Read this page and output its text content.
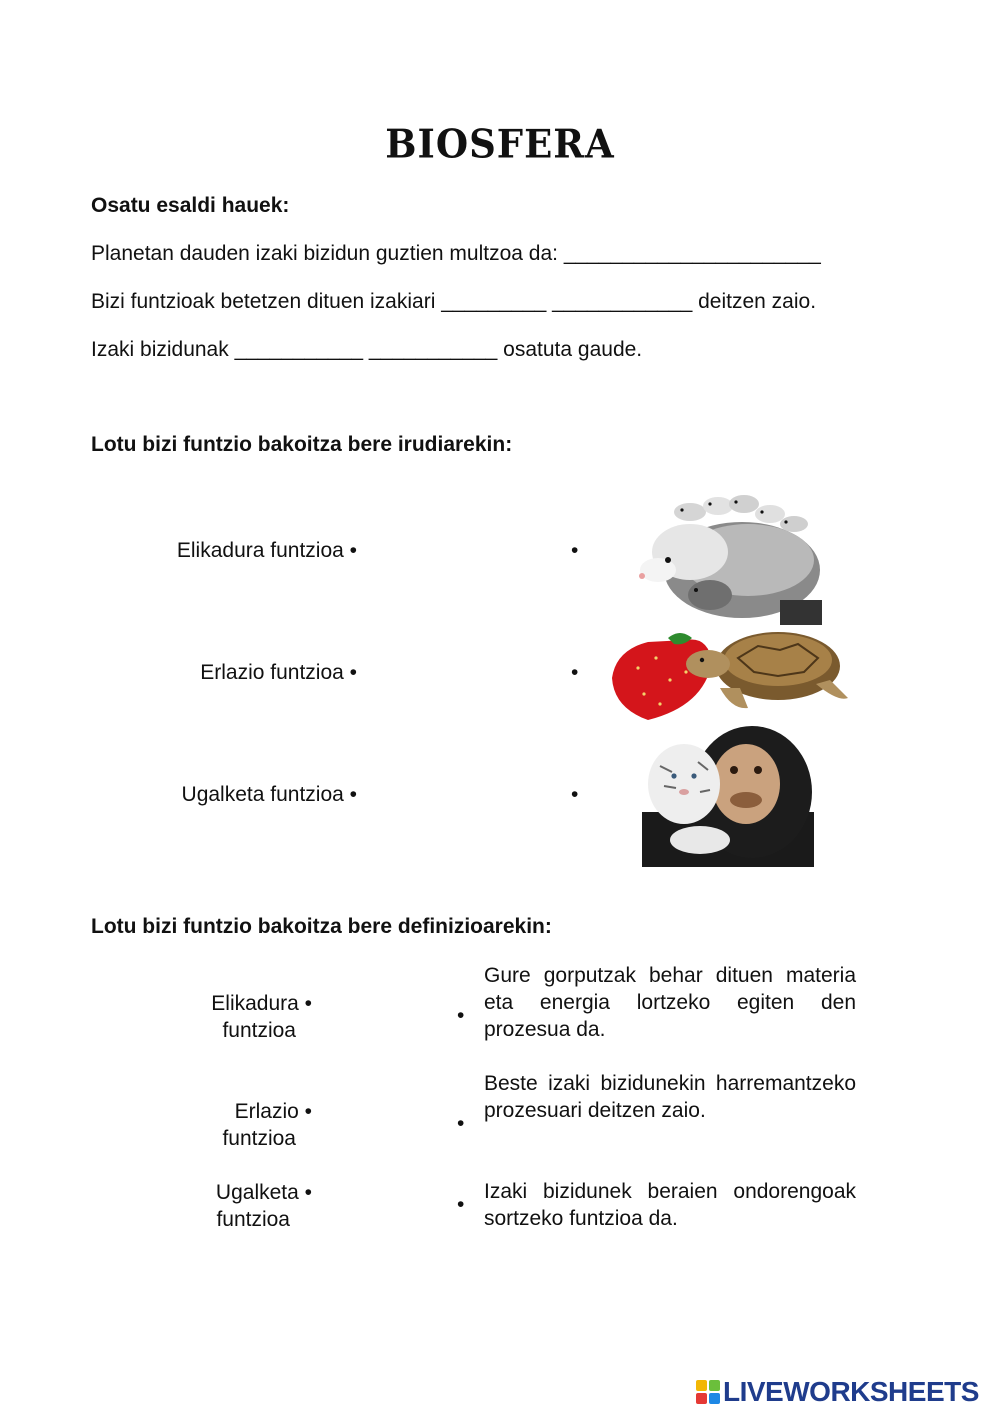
BIOSFERA
Osatu esaldi hauek:
Planetan dauden izaki bizidun guztien multzoa da: ______________________
Bizi funtzioak betetzen dituen izakiari _________ ____________ deitzen zaio.
Izaki bizidunak ___________ ___________ osatuta gaude.
Lotu bizi funtzio bakoitza bere irudiarekin:
Elikadura funtzioa •
Erlazio funtzioa •
Ugalketa funtzioa •
•
•
•
Lotu bizi funtzio bakoitza bere definizioarekin:
Elikadura •
funtzioa
Erlazio •
funtzioa
Ugalketa •
funtzioa
•
•
•
Gure gorputzak behar dituen materia eta energia lortzeko egiten den prozesua da.
Beste izaki bizidunekin harremantzeko prozesuari deitzen zaio.
Izaki bizidunek beraien ondorengoak sortzeko funtzioa da.
LIVEWORKSHEETS
